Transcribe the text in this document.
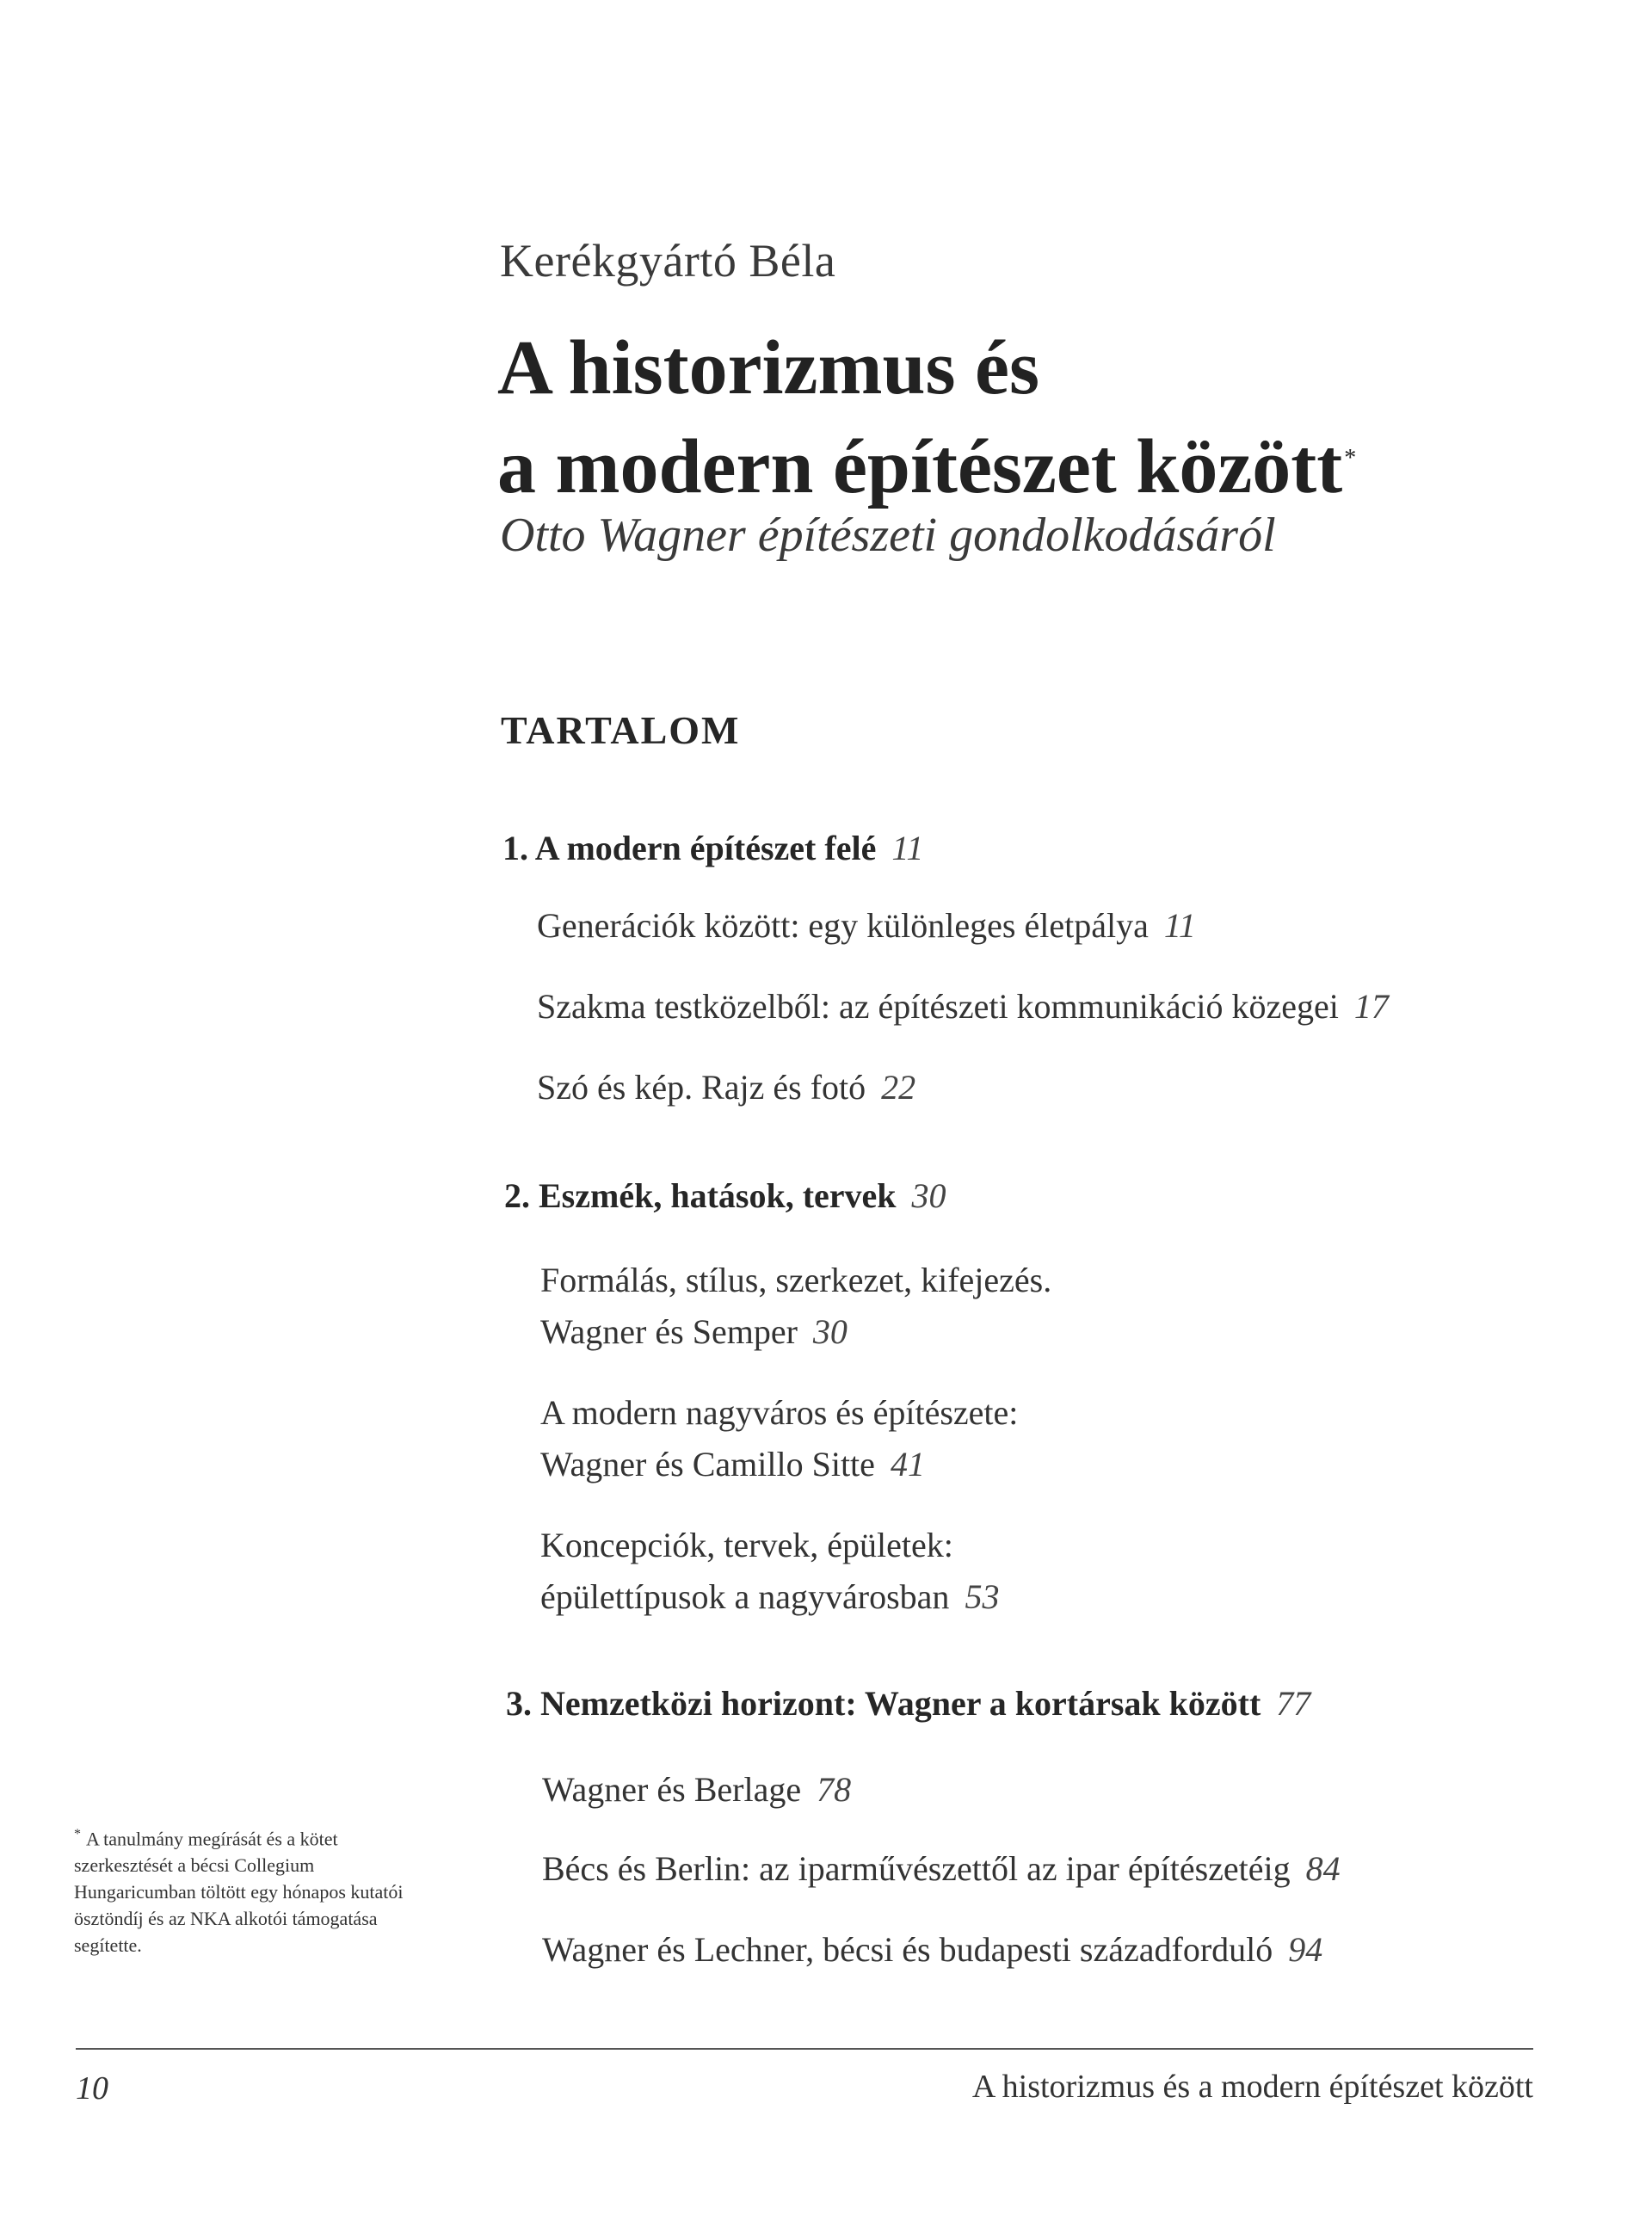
Kerékgyártó Béla
A historizmus és
a modern építészet között*
Otto Wagner építészeti gondolkodásáról
TARTALOM
1. A modern építészet felé 11
Generációk között: egy különleges életpálya 11
Szakma testközelből: az építészeti kommunikáció közegei 17
Szó és kép. Rajz és fotó 22
2. Eszmék, hatások, tervek 30
Formálás, stílus, szerkezet, kifejezés.
Wagner és Semper 30
A modern nagyváros és építészete:
Wagner és Camillo Sitte 41
Koncepciók, tervek, épületek:
épülettípusok a nagyvárosban 53
3. Nemzetközi horizont: Wagner a kortársak között 77
Wagner és Berlage 78
Bécs és Berlin: az iparművészettől az ipar építészetéig 84
Wagner és Lechner, bécsi és budapesti századforduló 94
* A tanulmány megírását és a kötet szerkesztését a bécsi Collegium Hungaricumban töltött egy hónapos kutatói ösztöndíj és az NKA alkotói támogatása segítette.
10	A historizmus és a modern építészet között
